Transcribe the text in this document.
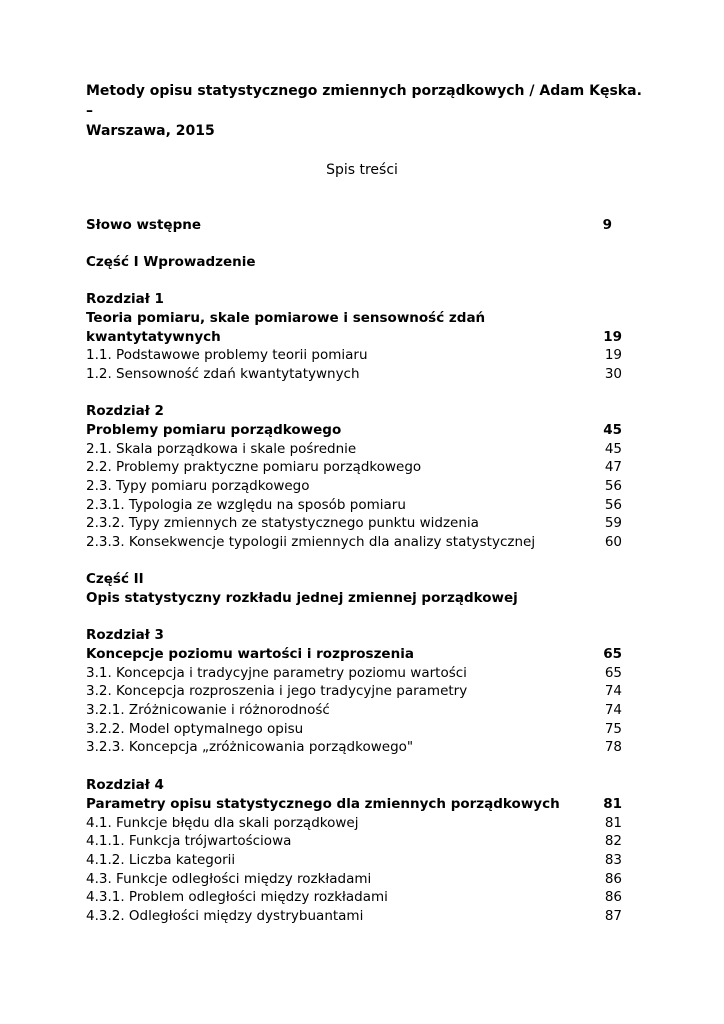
Metody opisu statystycznego zmiennych porządkowych / Adam Kęska. –
Warszawa, 2015
Spis treści
Słowo wstępne	9
Część I Wprowadzenie
Rozdział 1
Teoria pomiaru, skale pomiarowe i sensowność zdań
kwantytatywnych	19
1.1. Podstawowe problemy teorii pomiaru	19
1.2. Sensowność zdań kwantytatywnych	30
Rozdział 2
Problemy pomiaru porządkowego	45
2.1. Skala porządkowa i skale pośrednie	45
2.2. Problemy praktyczne pomiaru porządkowego	47
2.3. Typy pomiaru porządkowego	56
2.3.1. Typologia ze względu na sposób pomiaru	56
2.3.2. Typy zmiennych ze statystycznego punktu widzenia	59
2.3.3. Konsekwencje typologii zmiennych dla analizy statystycznej	60
Część II
Opis statystyczny rozkładu jednej zmiennej porządkowej
Rozdział 3
Koncepcje poziomu wartości i rozproszenia	65
3.1. Koncepcja i tradycyjne parametry poziomu wartości	65
3.2. Koncepcja rozproszenia i jego tradycyjne parametry	74
3.2.1. Zróżnicowanie i różnorodność	74
3.2.2. Model optymalnego opisu	75
3.2.3. Koncepcja „zróżnicowania porządkowego"	78
Rozdział 4
Parametry opisu statystycznego dla zmiennych porządkowych	81
4.1. Funkcje błędu dla skali porządkowej	81
4.1.1. Funkcja trójwartościowa	82
4.1.2. Liczba kategorii	83
4.3. Funkcje odległości między rozkładami	86
4.3.1. Problem odległości między rozkładami	86
4.3.2. Odległości między dystrybuantami	87
